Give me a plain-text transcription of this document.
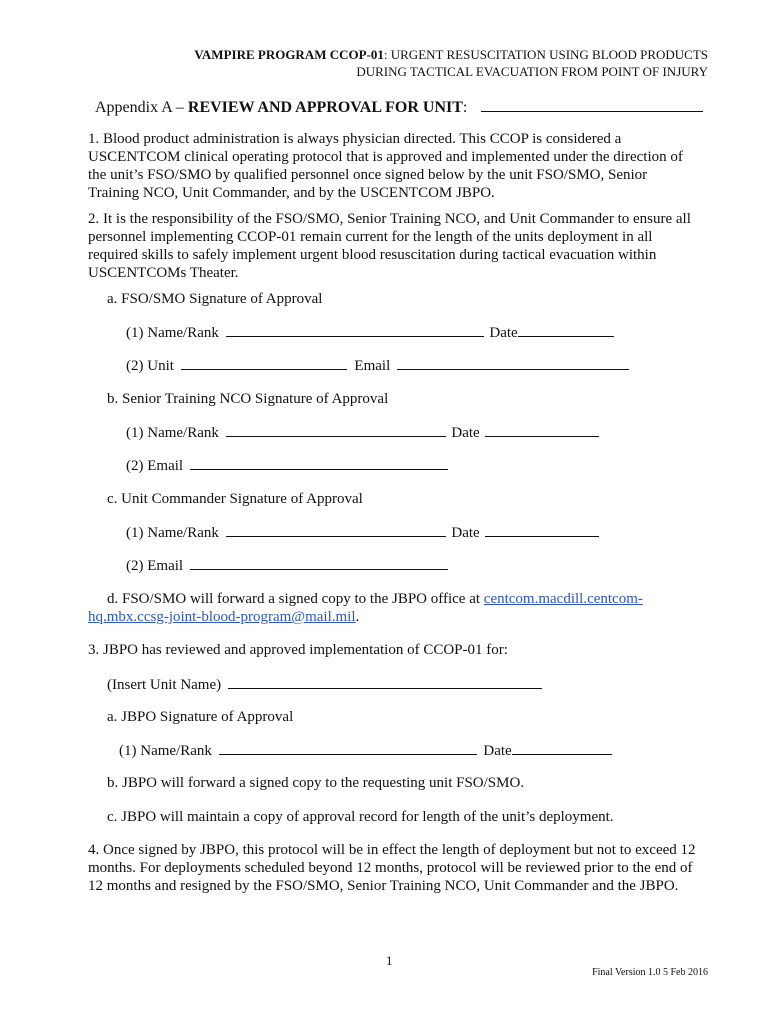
VAMPIRE PROGRAM CCOP-01: URGENT RESUSCITATION USING BLOOD PRODUCTS
DURING TACTICAL EVACUATION FROM POINT OF INJURY
Appendix A – REVIEW AND APPROVAL FOR UNIT:
1. Blood product administration is always physician directed. This CCOP is considered a USCENTCOM clinical operating protocol that is approved and implemented under the direction of the unit’s FSO/SMO by qualified personnel once signed below by the unit FSO/SMO, Senior Training NCO, Unit Commander, and by the USCENTCOM JBPO.
2. It is the responsibility of the FSO/SMO, Senior Training NCO, and Unit Commander to ensure all personnel implementing CCOP-01 remain current for the length of the units deployment in all required skills to safely implement urgent blood resuscitation during tactical evacuation within USCENTCOMs Theater.
a. FSO/SMO Signature of Approval
(1) Name/Rank	Date
(2) Unit	Email
b. Senior Training NCO Signature of Approval
(1) Name/Rank	Date
(2) Email
c. Unit Commander Signature of Approval
(1) Name/Rank	Date
(2) Email
d. FSO/SMO will forward a signed copy to the JBPO office at centcom.macdill.centcom-
hq.mbx.ccsg-joint-blood-program@mail.mil.
3. JBPO has reviewed and approved implementation of CCOP-01 for:
(Insert Unit Name)
a. JBPO Signature of Approval
(1) Name/Rank	Date
b. JBPO will forward a signed copy to the requesting unit FSO/SMO.
c. JBPO will maintain a copy of approval record for length of the unit’s deployment.
4. Once signed by JBPO, this protocol will be in effect the length of deployment but not to exceed 12 months. For deployments scheduled beyond 12 months, protocol will be reviewed prior to the end of 12 months and resigned by the FSO/SMO, Senior Training NCO, Unit Commander and the JBPO.
1
Final Version 1.0 5 Feb 2016
